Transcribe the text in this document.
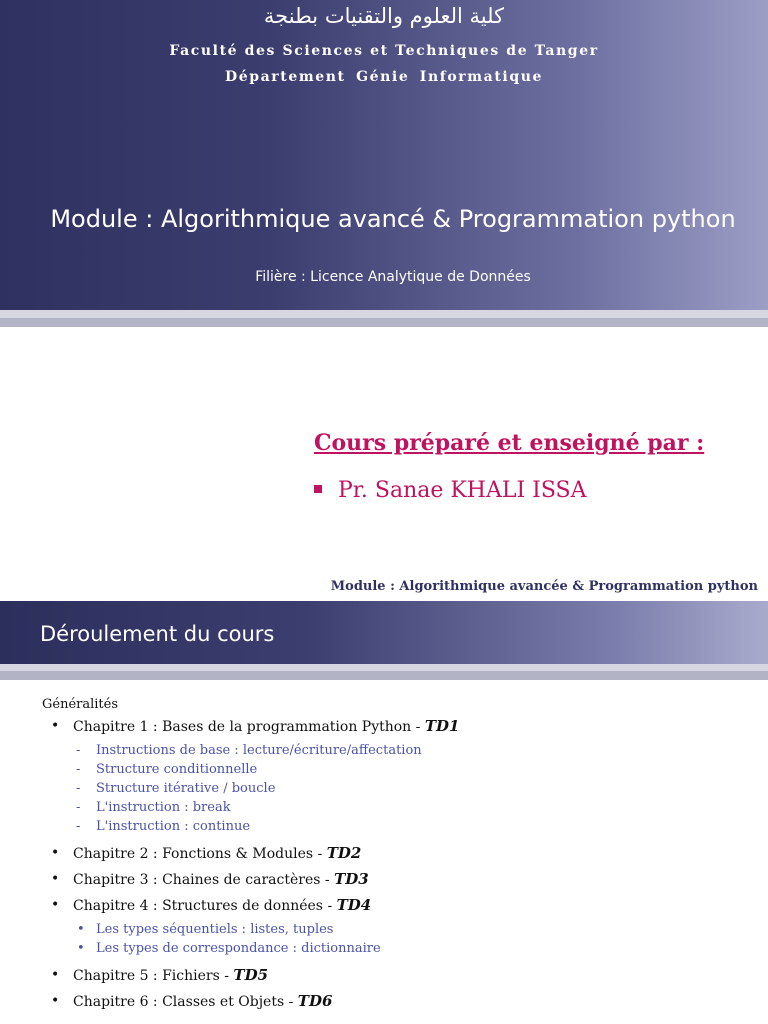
كلية العلوم والتقنيات بطنجة
Faculté des Sciences et Techniques de Tanger
Département Génie Informatique
Module : Algorithmique avancé & Programmation python
Filière : Licence Analytique de Données
Cours préparé et enseigné par :
Pr. Sanae KHALI ISSA
Module : Algorithmique avancée & Programmation python
Déroulement du cours

Généralités

• Chapitre 1 : Bases de la programmation Python - TD1
- Instructions de base : lecture/écriture/affectation
- Structure conditionnelle
- Structure itérative / boucle
- L'instruction : break
- L'instruction : continue
• Chapitre 2 : Fonctions & Modules - TD2
• Chapitre 3 : Chaines de caractères - TD3
• Chapitre 4 : Structures de données - TD4
• Les types séquentiels : listes, tuples
• Les types de correspondance : dictionnaire
• Chapitre 5 : Fichiers - TD5
• Chapitre 6 : Classes et Objets - TD6
